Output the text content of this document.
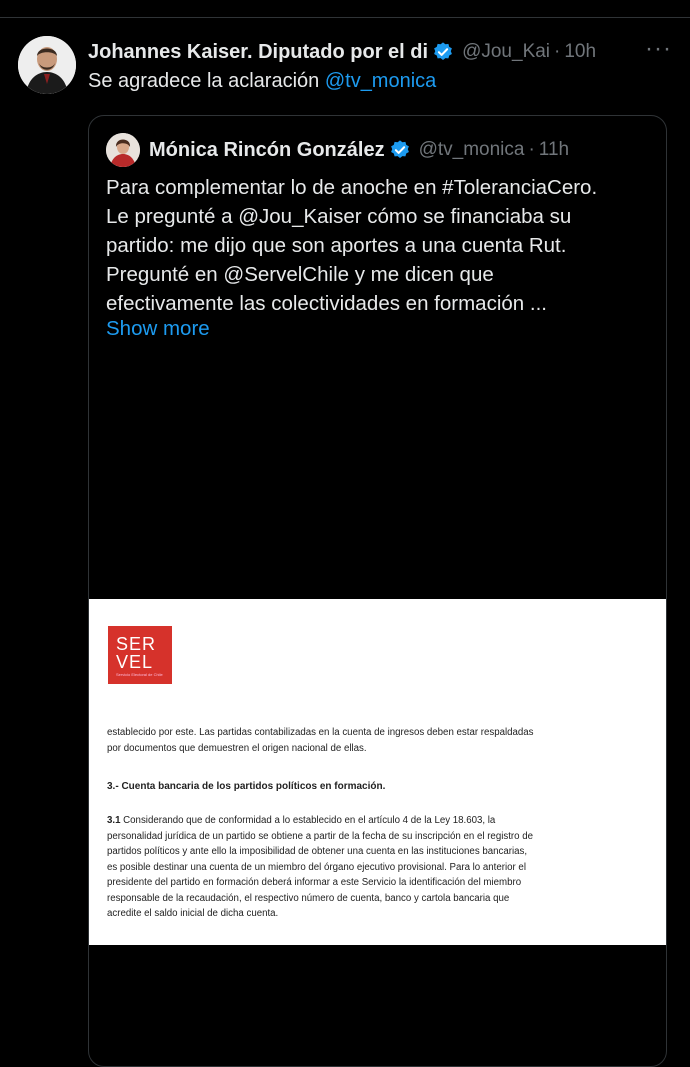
Johannes Kaiser. Diputado por el di @Jou_Kai · 10h ···
Se agradece la aclaración @tv_monica
Mónica Rincón González @tv_monica · 11h
Para complementar lo de anoche en #ToleranciaCero.
Le pregunté a @Jou_Kaiser cómo se financiaba su
partido: me dijo que son aportes a una cuenta Rut.
Pregunté en @ServelChile y me dicen que
efectivamente las colectividades en formación ...
Show more
SER
VEL
Servicio Electoral de Chile
establecido por este. Las partidas contabilizadas en la cuenta de ingresos deben estar respaldadas
por documentos que demuestren el origen nacional de ellas.
3.- Cuenta bancaria de los partidos políticos en formación.
3.1 Considerando que de conformidad a lo establecido en el artículo 4 de la Ley 18.603, la
personalidad jurídica de un partido se obtiene a partir de la fecha de su inscripción en el registro de
partidos políticos y ante ello la imposibilidad de obtener una cuenta en las instituciones bancarias,
es posible destinar una cuenta de un miembro del órgano ejecutivo provisional. Para lo anterior el
presidente del partido en formación deberá informar a este Servicio la identificación del miembro
responsable de la recaudación, el respectivo número de cuenta, banco y cartola bancaria que
acredite el saldo inicial de dicha cuenta.
